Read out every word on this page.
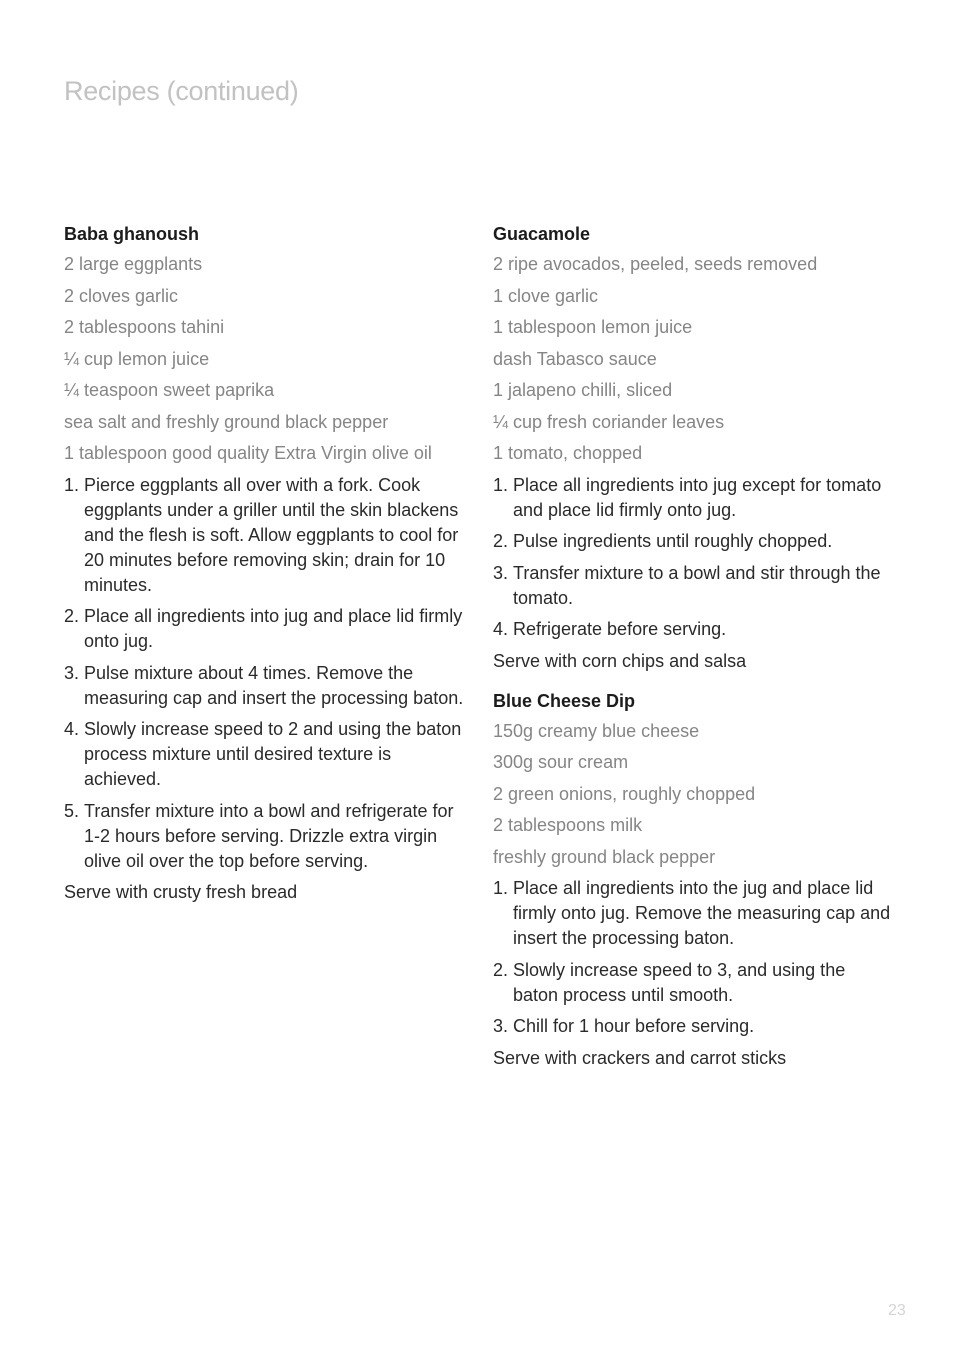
Recipes (continued)
Baba ghanoush
2 large eggplants
2 cloves garlic
2 tablespoons tahini
¼ cup lemon juice
¼ teaspoon sweet paprika
sea salt and freshly ground black pepper
1 tablespoon good quality Extra Virgin olive oil
1. Pierce eggplants all over with a fork. Cook eggplants under a griller until the skin blackens and the flesh is soft. Allow eggplants to cool for 20 minutes before removing skin; drain for 10 minutes.
2. Place all ingredients into jug and place lid firmly onto jug.
3. Pulse mixture about 4 times. Remove the measuring cap and insert the processing baton.
4. Slowly increase speed to 2 and using the baton process mixture until desired texture is achieved.
5. Transfer mixture into a bowl and refrigerate for 1-2 hours before serving. Drizzle extra virgin olive oil over the top before serving.

Serve with crusty fresh bread

Guacamole
2 ripe avocados, peeled, seeds removed
1 clove garlic
1 tablespoon lemon juice
dash Tabasco sauce
1 jalapeno chilli, sliced
¼ cup fresh coriander leaves
1 tomato, chopped
1. Place all ingredients into jug except for tomato and place lid firmly onto jug.
2. Pulse ingredients until roughly chopped.
3. Transfer mixture to a bowl and stir through the tomato.
4. Refrigerate before serving.

Serve with corn chips and salsa

Blue Cheese Dip
150g creamy blue cheese
300g sour cream
2 green onions, roughly chopped
2 tablespoons milk
freshly ground black pepper
1. Place all ingredients into the jug and place lid firmly onto jug. Remove the measuring cap and insert the processing baton.
2. Slowly increase speed to 3, and using the baton process until smooth.
3. Chill for 1 hour before serving.

Serve with crackers and carrot sticks

23
